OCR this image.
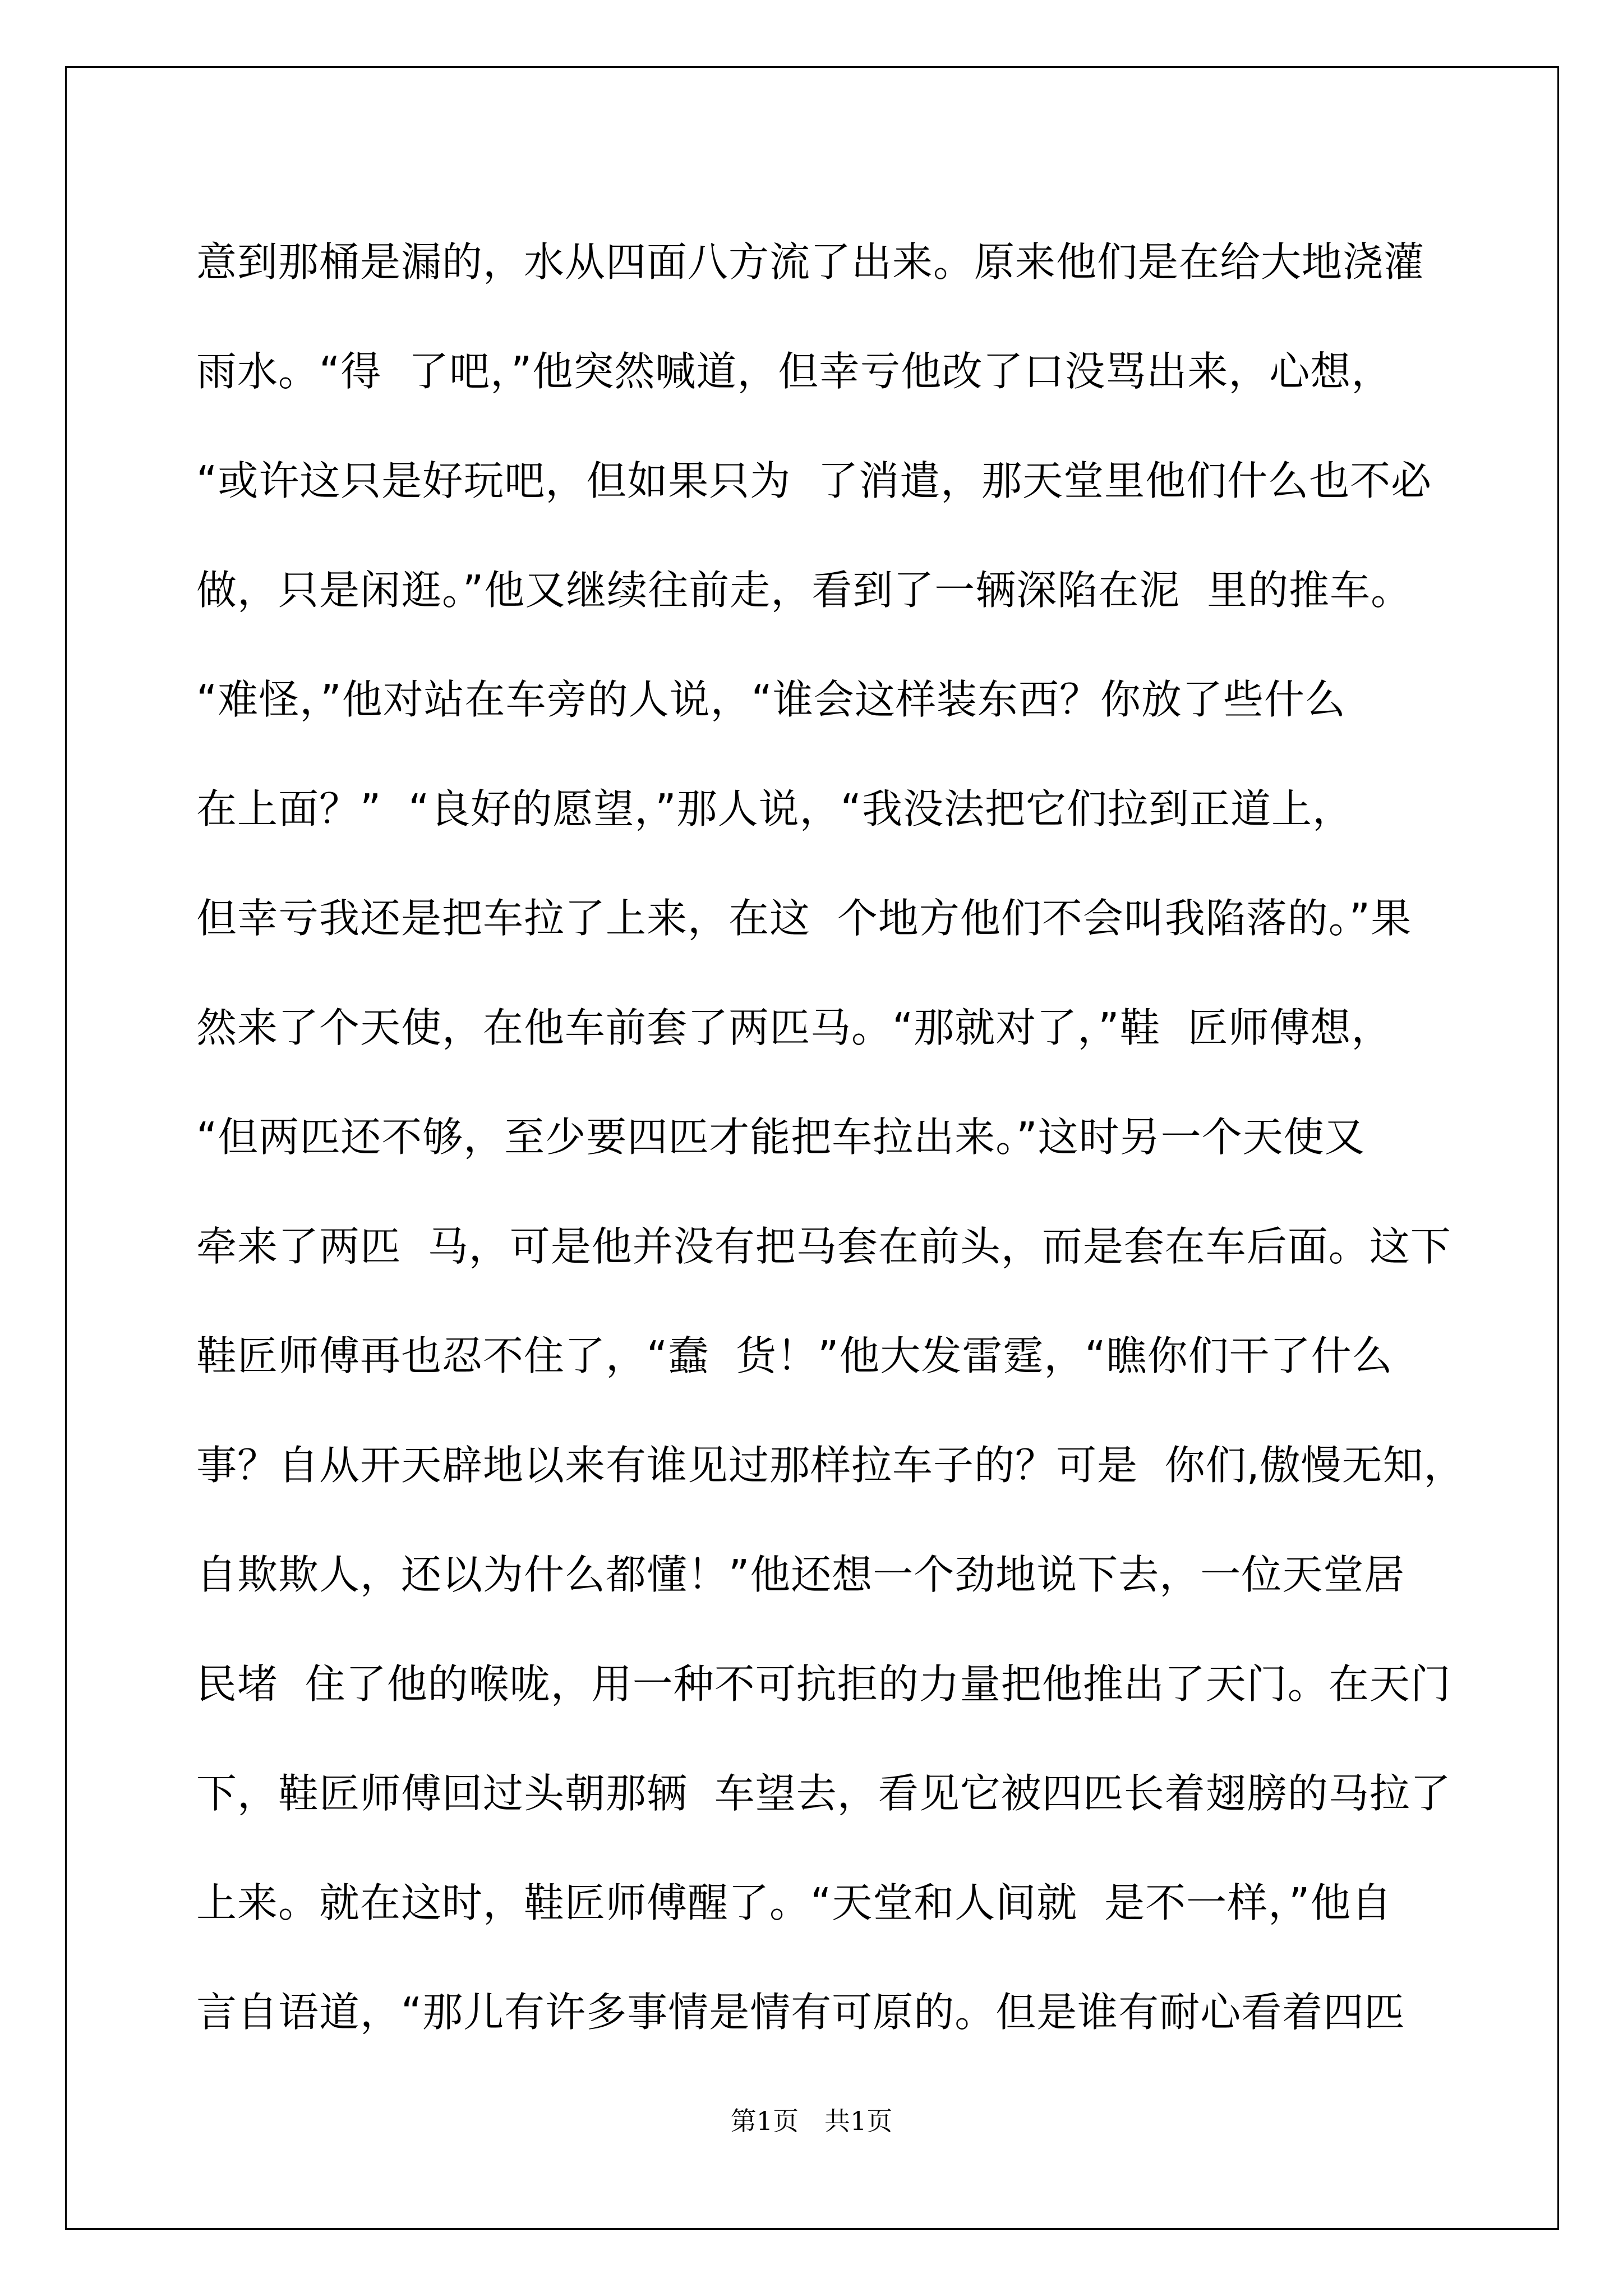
意到那桶是漏的，水从四面八方流了出来。原来他们是在给大地浇灌
雨水。“得  了吧，”他突然喊道，但幸亏他改了口没骂出来，心想，
“或许这只是好玩吧，但如果只为  了消遣，那天堂里他们什么也不必
做，只是闲逛。”他又继续往前走，看到了一辆深陷在泥  里的推车。
“难怪，”他对站在车旁的人说，“谁会这样装东西？你放了些什么
在上面？”  “良好的愿望，”那人说，“我没法把它们拉到正道上，
但幸亏我还是把车拉了上来，在这  个地方他们不会叫我陷落的。”果
然来了个天使，在他车前套了两匹马。“那就对了，”鞋  匠师傅想，
“但两匹还不够，至少要四匹才能把车拉出来。”这时另一个天使又
牵来了两匹  马，可是他并没有把马套在前头，而是套在车后面。这下
鞋匠师傅再也忍不住了，“蠢  货！”他大发雷霆，“瞧你们干了什么
事？自从开天辟地以来有谁见过那样拉车子的？可是  你们,傲慢无知，
自欺欺人，还以为什么都懂！”他还想一个劲地说下去，一位天堂居
民堵  住了他的喉咙，用一种不可抗拒的力量把他推出了天门。在天门
下，鞋匠师傅回过头朝那辆  车望去，看见它被四匹长着翅膀的马拉了
上来。就在这时，鞋匠师傅醒了。“天堂和人间就  是不一样，”他自
言自语道，“那儿有许多事情是情有可原的。但是谁有耐心看着四匹
第1页 共1页
